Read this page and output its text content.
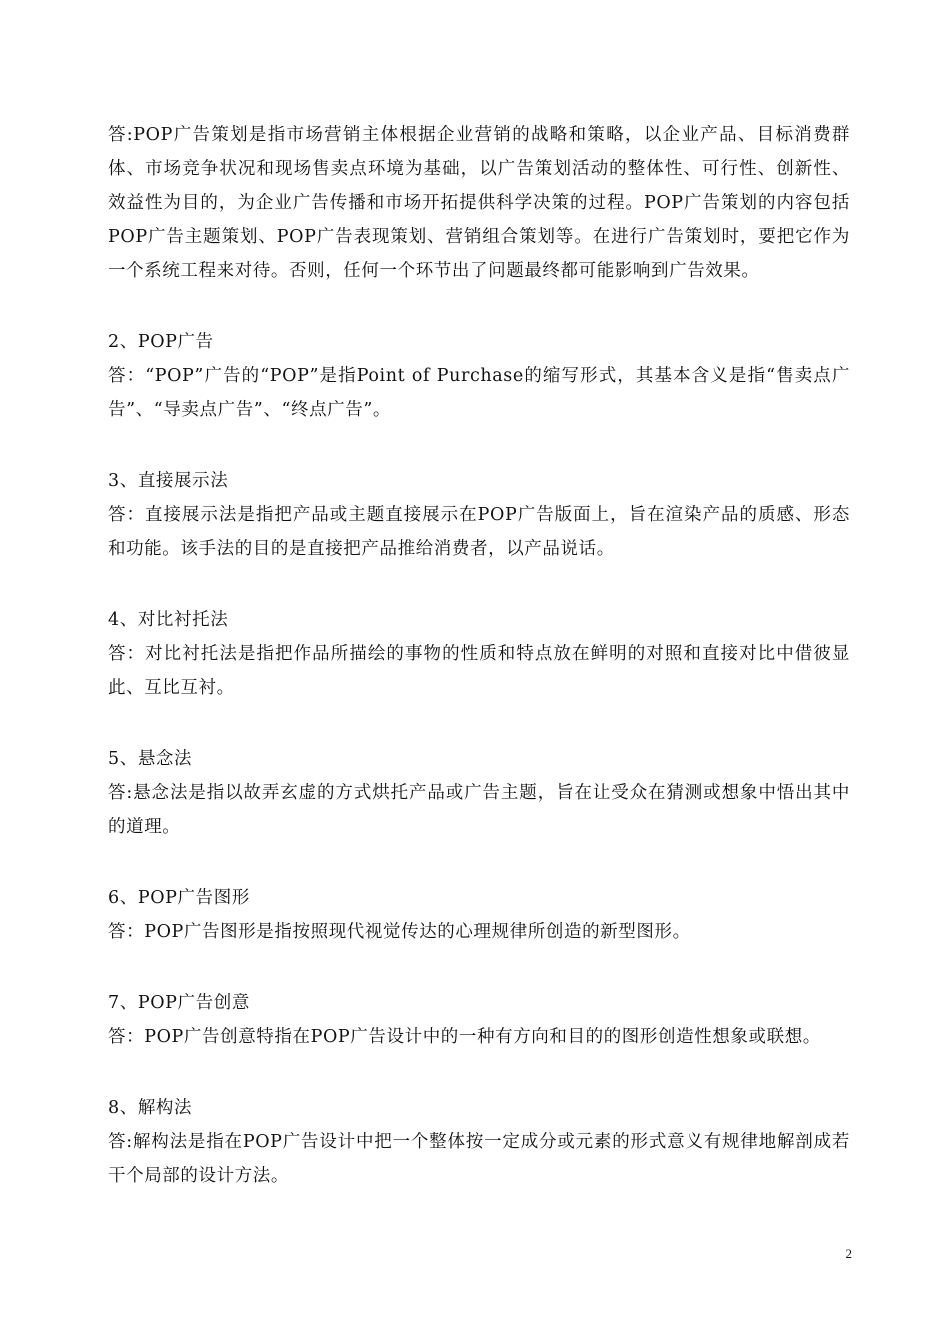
答:POP广告策划是指市场营销主体根据企业营销的战略和策略，以企业产品、目标消费群体、市场竞争状况和现场售卖点环境为基础，以广告策划活动的整体性、可行性、创新性、效益性为目的，为企业广告传播和市场开拓提供科学决策的过程。POP广告策划的内容包括POP广告主题策划、POP广告表现策划、营销组合策划等。在进行广告策划时，要把它作为一个系统工程来对待。否则，任何一个环节出了问题最终都可能影响到广告效果。

2、POP广告

答：“POP”广告的“POP”是指Point of Purchase的缩写形式，其基本含义是指“售卖点广告”、“导卖点广告”、“终点广告”。

3、直接展示法

答：直接展示法是指把产品或主题直接展示在POP广告版面上，旨在渲染产品的质感、形态和功能。该手法的目的是直接把产品推给消费者，以产品说话。

4、对比衬托法

答：对比衬托法是指把作品所描绘的事物的性质和特点放在鲜明的对照和直接对比中借彼显此、互比互衬。

5、悬念法

答:悬念法是指以故弄玄虚的方式烘托产品或广告主题，旨在让受众在猜测或想象中悟出其中的道理。

6、POP广告图形

答：POP广告图形是指按照现代视觉传达的心理规律所创造的新型图形。

7、POP广告创意

答：POP广告创意特指在POP广告设计中的一种有方向和目的的图形创造性想象或联想。

8、解构法

答:解构法是指在POP广告设计中把一个整体按一定成分或元素的形式意义有规律地解剖成若干个局部的设计方法。

2
